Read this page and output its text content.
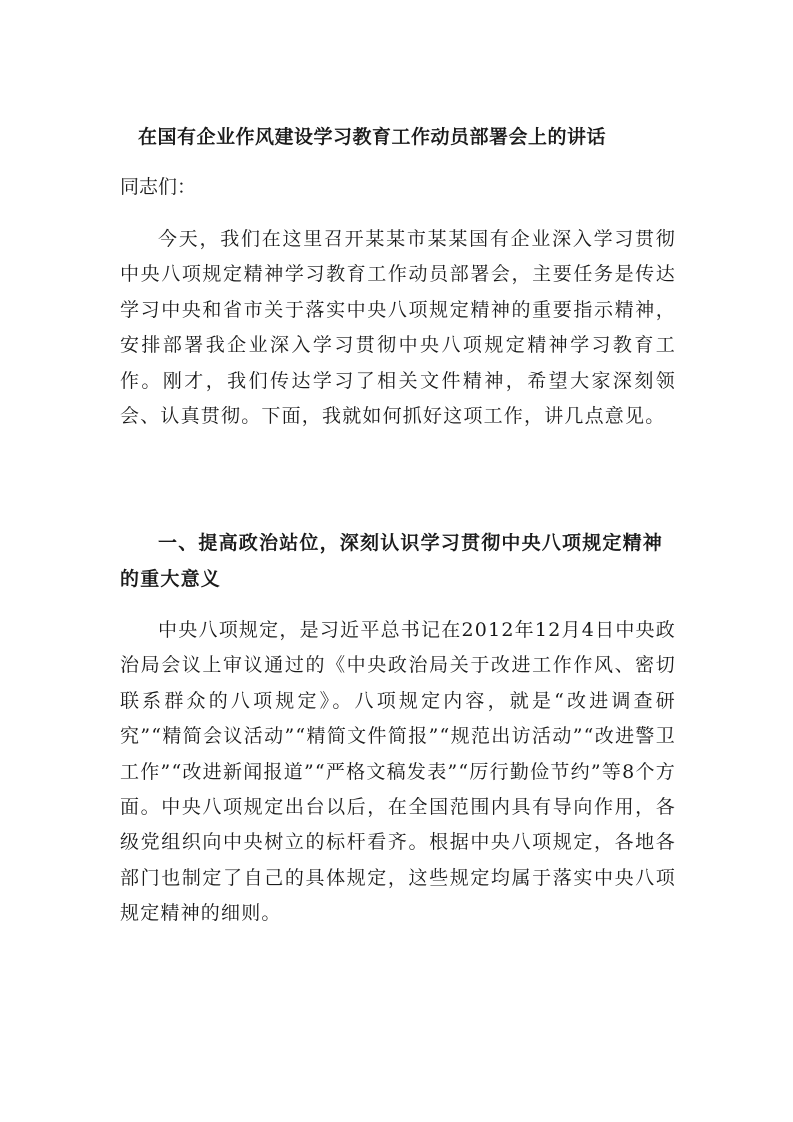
在国有企业作风建设学习教育工作动员部署会上的讲话
同志们：

今天，我们在这里召开某某市某某国有企业深入学习贯彻中央八项规定精神学习教育工作动员部署会，主要任务是传达学习中央和省市关于落实中央八项规定精神的重要指示精神，安排部署我企业深入学习贯彻中央八项规定精神学习教育工作。刚才，我们传达学习了相关文件精神，希望大家深刻领会、认真贯彻。下面，我就如何抓好这项工作，讲几点意见。

一、提高政治站位，深刻认识学习贯彻中央八项规定精神的重大意义

中央八项规定，是习近平总书记在2012年12月4日中央政治局会议上审议通过的《中央政治局关于改进工作作风、密切联系群众的八项规定》。八项规定内容，就是“改进调查研究”“精简会议活动”“精简文件简报”“规范出访活动”“改进警卫工作”“改进新闻报道”“严格文稿发表”“厉行勤俭节约”等8个方面。中央八项规定出台以后，在全国范围内具有导向作用，各级党组织向中央树立的标杆看齐。根据中央八项规定，各地各部门也制定了自己的具体规定，这些规定均属于落实中央八项规定精神的细则。
